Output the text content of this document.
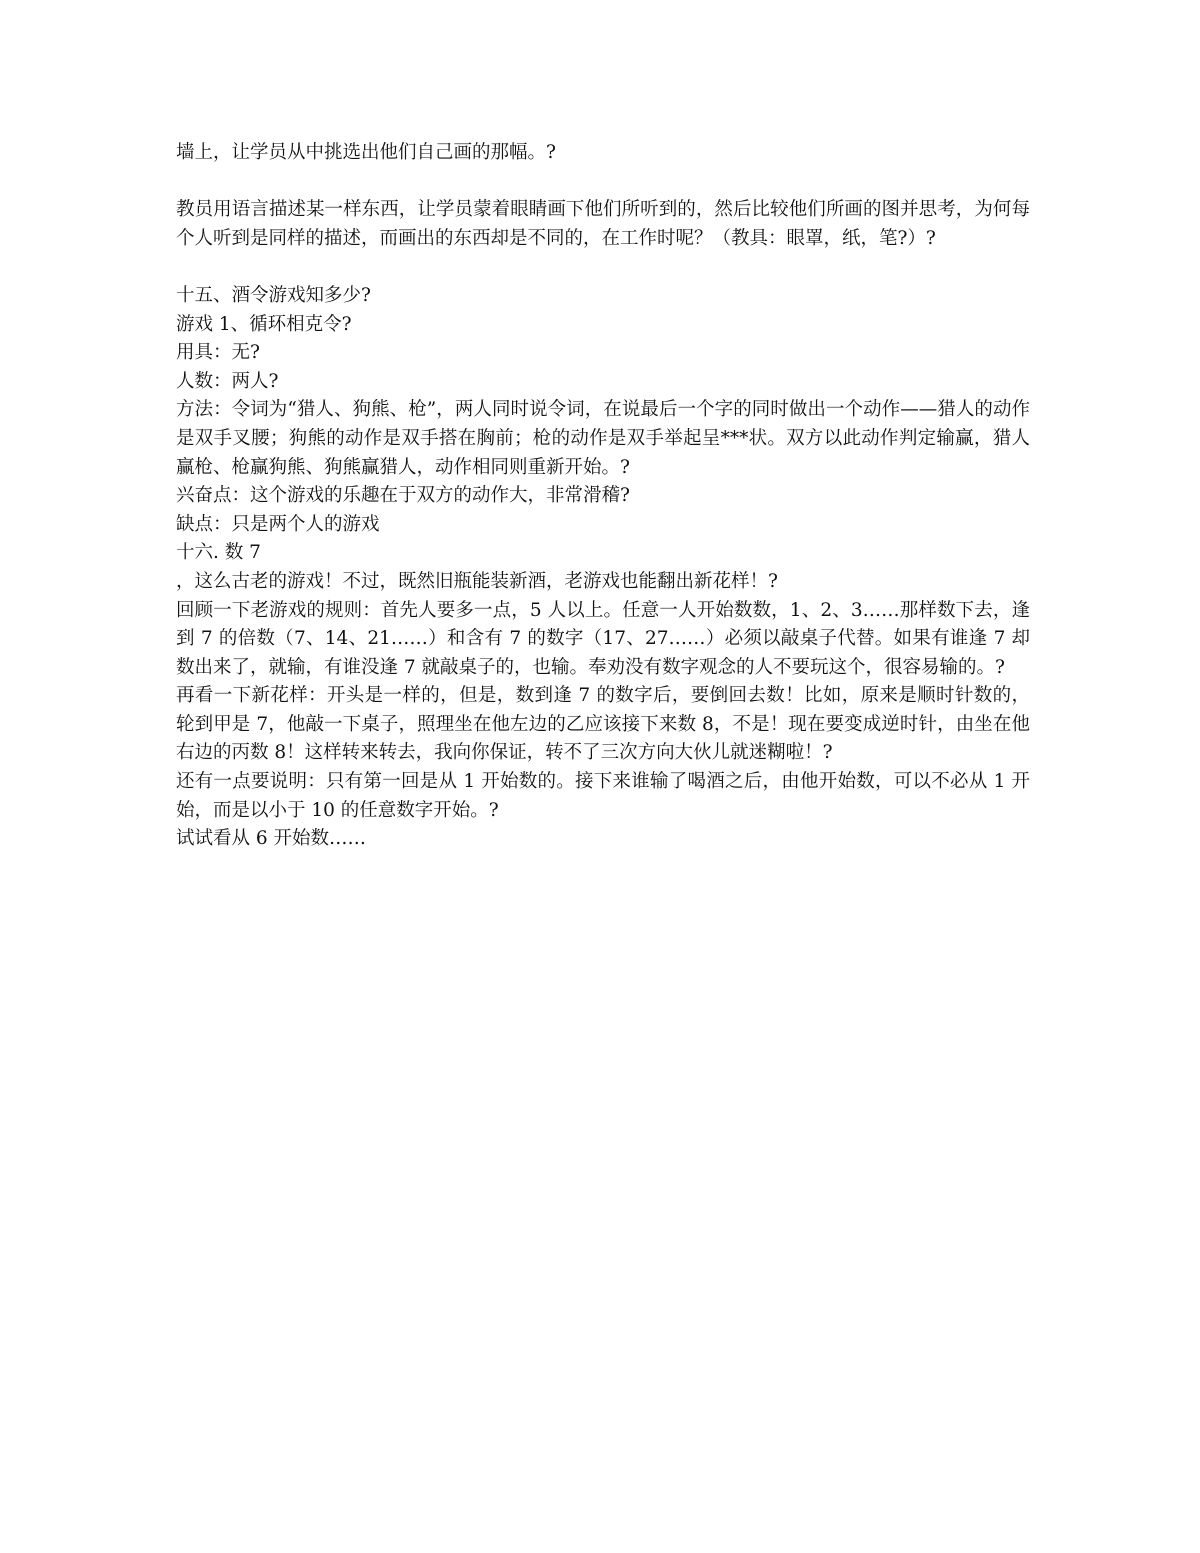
墙上，让学员从中挑选出他们自己画的那幅。?

教员用语言描述某一样东西，让学员蒙着眼睛画下他们所听到的，然后比较他们所画的图并思考，为何每个人听到是同样的描述，而画出的东西却是不同的，在工作时呢？（教具：眼罩，纸，笔?）?

十五、酒令游戏知多少?

游戏 1、循环相克令?

用具：无?

人数：两人?

方法：令词为“猎人、狗熊、枪”，两人同时说令词，在说最后一个字的同时做出一个动作——猎人的动作是双手叉腰；狗熊的动作是双手搭在胸前；枪的动作是双手举起呈***状。双方以此动作判定输赢，猎人赢枪、枪赢狗熊、狗熊赢猎人，动作相同则重新开始。?

兴奋点：这个游戏的乐趣在于双方的动作大，非常滑稽?

缺点：只是两个人的游戏

十六. 数 7

，这么古老的游戏！不过，既然旧瓶能装新酒，老游戏也能翻出新花样！?

回顾一下老游戏的规则：首先人要多一点，5 人以上。任意一人开始数数，1、2、3……那样数下去，逢到 7 的倍数（7、14、21……）和含有 7 的数字（17、27……）必须以敲桌子代替。如果有谁逢 7 却数出来了，就输，有谁没逢 7 就敲桌子的，也输。奉劝没有数字观念的人不要玩这个，很容易输的。?

再看一下新花样：开头是一样的，但是，数到逢 7 的数字后，要倒回去数！比如，原来是顺时针数的，轮到甲是 7，他敲一下桌子，照理坐在他左边的乙应该接下来数 8，不是！现在要变成逆时针，由坐在他右边的丙数 8！这样转来转去，我向你保证，转不了三次方向大伙儿就迷糊啦！?

还有一点要说明：只有第一回是从 1 开始数的。接下来谁输了喝酒之后，由他开始数，可以不必从 1 开始，而是以小于 10 的任意数字开始。?

试试看从 6 开始数……
